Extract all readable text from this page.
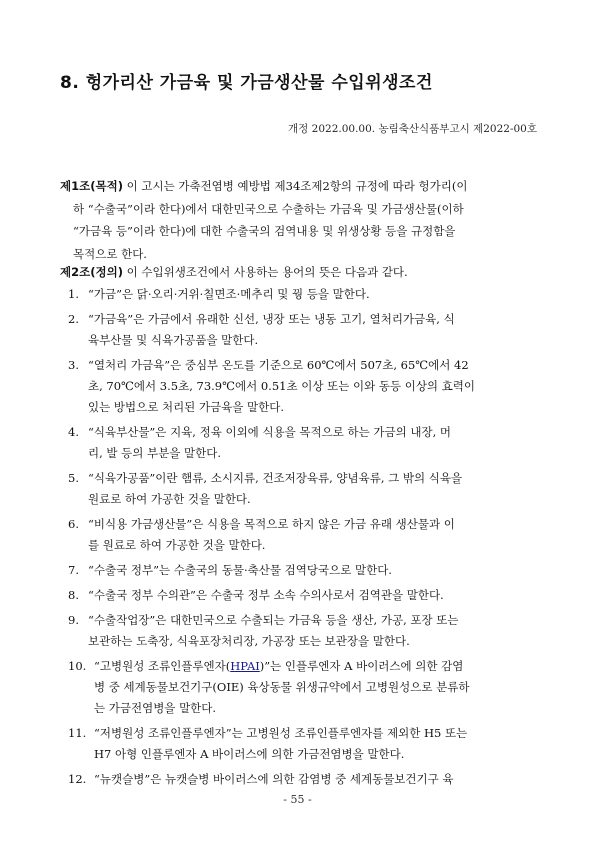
8. 헝가리산 가금육 및 가금생산물 수입위생조건
개정 2022.00.00. 농림축산식품부고시 제2022-00호
제1조(목적) 이 고시는 가축전염병 예방법 제34조제2항의 규정에 따라 헝가리(이
하 “수출국”이라 한다)에서 대한민국으로 수출하는 가금육 및 가금생산물(이하
“가금육 등”이라 한다)에 대한 수출국의 검역내용 및 위생상황 등을 규정함을
목적으로 한다.
제2조(정의) 이 수입위생조건에서 사용하는 용어의 뜻은 다음과 같다.
1. “가금”은 닭·오리·거위·칠면조·메추리 및 꿩 등을 말한다.
2. “가금육”은 가금에서 유래한 신선, 냉장 또는 냉동 고기, 열처리가금육, 식
육부산물 및 식육가공품을 말한다.
3. “열처리 가금육”은 중심부 온도를 기준으로 60℃에서 507초, 65℃에서 42
초, 70℃에서 3.5초, 73.9℃에서 0.51초 이상 또는 이와 동등 이상의 효력이
있는 방법으로 처리된 가금육을 말한다.
4. “식육부산물”은 지육, 정육 이외에 식용을 목적으로 하는 가금의 내장, 머
리, 발 등의 부분을 말한다.
5. “식육가공품”이란 햄류, 소시지류, 건조저장육류, 양념육류, 그 밖의 식육을
원료로 하여 가공한 것을 말한다.
6. “비식용 가금생산물”은 식용을 목적으로 하지 않은 가금 유래 생산물과 이
를 원료로 하여 가공한 것을 말한다.
7. “수출국 정부”는 수출국의 동물·축산물 검역당국으로 말한다.
8. “수출국 정부 수의관”은 수출국 정부 소속 수의사로서 검역관을 말한다.
9. “수출작업장”은 대한민국으로 수출되는 가금육 등을 생산, 가공, 포장 또는
보관하는 도축장, 식육포장처리장, 가공장 또는 보관장을 말한다.
10. “고병원성 조류인플루엔자(HPAI)”는 인플루엔자 A 바이러스에 의한 감염
병 중 세계동물보건기구(OIE) 육상동물 위생규약에서 고병원성으로 분류하
는 가금전염병을 말한다.
11. “저병원성 조류인플루엔자”는 고병원성 조류인플루엔자를 제외한 H5 또는
H7 아형 인플루엔자 A 바이러스에 의한 가금전염병을 말한다.
12. “뉴캣슬병”은 뉴캣슬병 바이러스에 의한 감염병 중 세계동물보건기구 육
- 55 -
